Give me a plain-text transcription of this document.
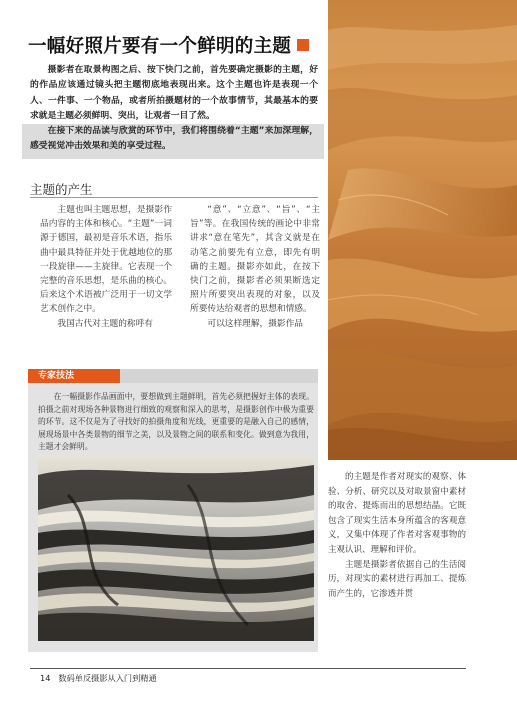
一幅好照片要有一个鲜明的主题

摄影者在取景构图之后、按下快门之前，首先要确定摄影的主题，好的作品应该通过镜头把主题彻底地表现出来。这个主题也许是表现一个人、一件事、一个物品，或者所拍摄题材的一个故事情节，其最基本的要求就是主题必须鲜明、突出，让观者一目了然。

在接下来的品读与欣赏的环节中，我们将围绕着“主题”来加深理解，感受视觉冲击效果和美的享受过程。

主题的产生

主题也叫主题思想，是摄影作品内容的主体和核心。“主题”一词源于德国，最初是音乐术语，指乐曲中最具特征并处于优越地位的那一段旋律——主旋律。它表现一个完整的音乐思想，是乐曲的核心。后来这个术语被广泛用于一切文学艺术创作之中。

我国古代对主题的称呼有

“意”、“立意”、“旨”、“主旨”等。在我国传统的画论中非常讲求“意在笔先”，其含义就是在动笔之前要先有立意，即先有明确的主题。摄影亦如此，在按下快门之前，摄影者必须果断选定照片所要突出表现的对象，以及所要传达给观者的思想和情感。

可以这样理解，摄影作品

专家技法

在一幅摄影作品画面中，要想做到主题鲜明，首先必须把握好主体的表现。拍摄之前对现场各种景物进行细致的观察和深入的思考，是摄影创作中极为重要的环节。这不仅是为了寻找好的拍摄角度和光线，更重要的是融入自己的感情，展现场景中各类景物的细节之美，以及景物之间的联系和变化。做到意为我用，主题才会鲜明。

的主题是作者对现实的观察、体验、分析、研究以及对取景窗中素材的取舍、提炼而出的思想结晶。它既包含了现实生活本身所蕴含的客观意义，又集中体现了作者对客观事物的主观认识、理解和评价。

主题是摄影者依据自己的生活阅历，对现实的素材进行再加工、提炼而产生的，它渗透并贯

14 数码单反摄影从入门到精通
